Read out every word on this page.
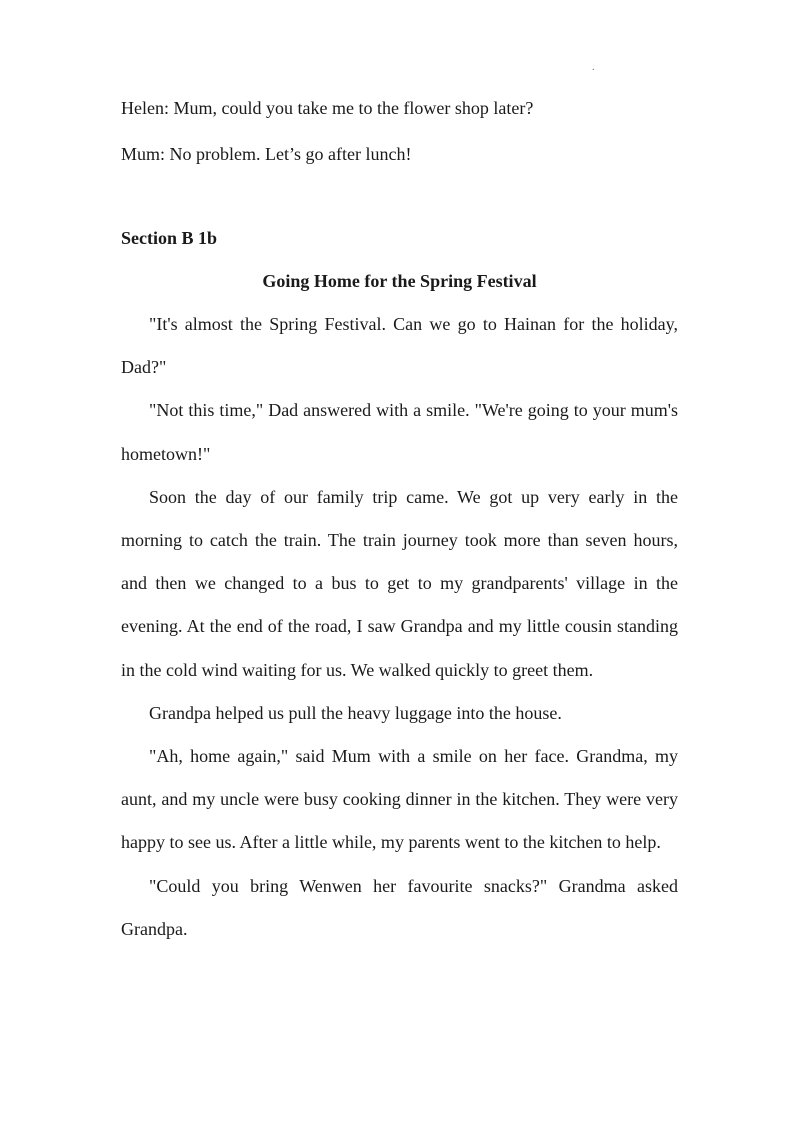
.

Helen: Mum, could you take me to the flower shop later?

Mum: No problem. Let’s go after lunch!

Section B 1b

Going Home for the Spring Festival

"It's almost the Spring Festival. Can we go to Hainan for the holiday, Dad?"

"Not this time," Dad answered with a smile. "We're going to your mum's hometown!"

Soon the day of our family trip came. We got up very early in the morning to catch the train. The train journey took more than seven hours, and then we changed to a bus to get to my grandparents' village in the evening. At the end of the road, I saw Grandpa and my little cousin standing in the cold wind waiting for us. We walked quickly to greet them.

Grandpa helped us pull the heavy luggage into the house.

"Ah, home again," said Mum with a smile on her face. Grandma, my aunt, and my uncle were busy cooking dinner in the kitchen. They were very happy to see us. After a little while, my parents went to the kitchen to help.

"Could you bring Wenwen her favourite snacks?" Grandma asked Grandpa.
